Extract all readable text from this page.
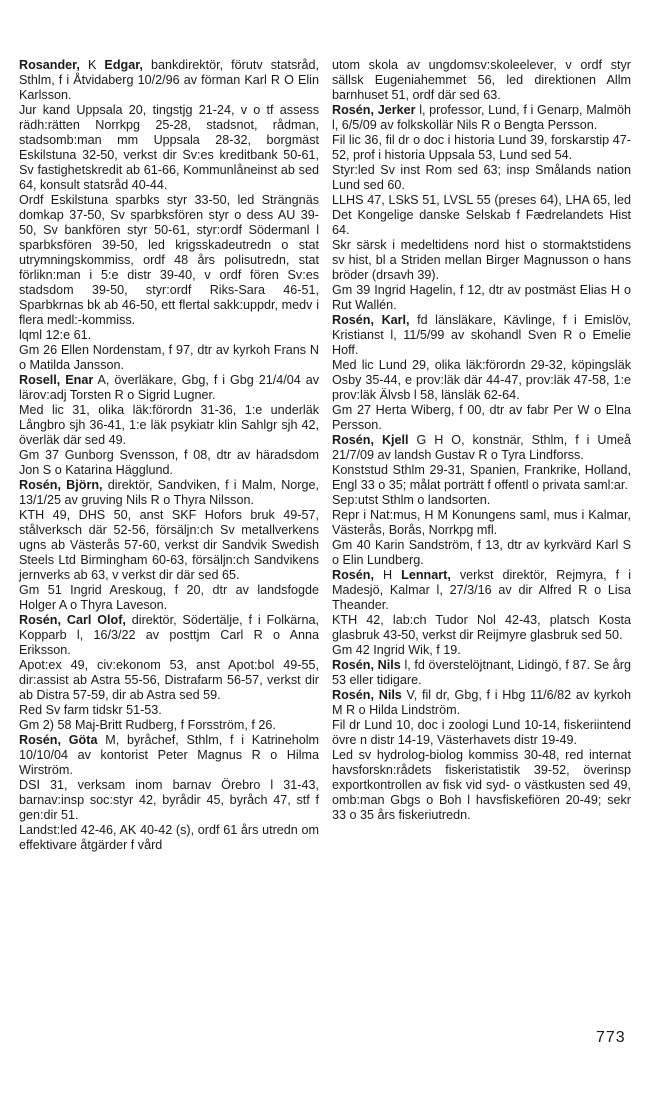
Rosander, K Edgar, bankdirektör, förutv statsråd, Sthlm, f i Åtvidaberg 10/2/96 av förman Karl R O Elin Karlsson.

Jur kand Uppsala 20, tingstjg 21-24, v o tf assess rädh:rätten Norrkpg 25-28, stadsnot, rådman, stadsomb:man mm Uppsala 28-32, borgmäst Eskilstuna 32-50, verkst dir Sv:es kreditbank 50-61, Sv fastighetskredit ab 61-66, Kommunlåneinst ab sed 64, konsult statsråd 40-44.

Ordf Eskilstuna sparbks styr 33-50, led Strängnäs domkap 37-50, Sv sparbksfören styr o dess AU 39-50, Sv bankfören styr 50-61, styr:ordf Södermanl l sparbksfören 39-50, led krigsskadeutredn o stat utrymningskommiss, ordf 48 års polisutredn, stat förlikn:man i 5:e distr 39-40, v ordf fören Sv:es stadsdom 39-50, styr:ordf Riks-Sara 46-51, Sparbkrnas bk ab 46-50, ett flertal sakk:uppdr, medv i flera medl:-kommiss.

lqml 12:e 61.

Gm 26 Ellen Nordenstam, f 97, dtr av kyrkoh Frans N o Matilda Jansson.

Rosell, Enar A, överläkare, Gbg, f i Gbg 21/4/04 av lärov:adj Torsten R o Sigrid Lugner.

Med lic 31, olika läk:förordn 31-36, 1:e underläk Långbro sjh 36-41, 1:e läk psykiatr klin Sahlgr sjh 42, överläk där sed 49.

Gm 37 Gunborg Svensson, f 08, dtr av häradsdom Jon S o Katarina Hägglund.

Rosén, Björn, direktör, Sandviken, f i Malm, Norge, 13/1/25 av gruving Nils R o Thyra Nilsson.

KTH 49, DHS 50, anst SKF Hofors bruk 49-57, stålverksch där 52-56, försäljn:ch Sv metallverkens ugns ab Västerås 57-60, verkst dir Sandvik Swedish Steels Ltd Birmingham 60-63, försäljn:ch Sandvikens jernverks ab 63, v verkst dir där sed 65.

Gm 51 Ingrid Areskoug, f 20, dtr av landsfogde Holger A o Thyra Laveson.

Rosén, Carl Olof, direktör, Södertälje, f i Folkärna, Kopparb l, 16/3/22 av posttjm Carl R o Anna Eriksson.

Apot:ex 49, civ:ekonom 53, anst Apot:bol 49-55, dir:assist ab Astra 55-56, Distrafarm 56-57, verkst dir ab Distra 57-59, dir ab Astra sed 59.

Red Sv farm tidskr 51-53.

Gm 2) 58 Maj-Britt Rudberg, f Forsström, f 26.

Rosén, Göta M, byråchef, Sthlm, f i Katrineholm 10/10/04 av kontorist Peter Magnus R o Hilma Wirström.

DSI 31, verksam inom barnav Örebro l 31-43, barnav:insp soc:styr 42, byrådir 45, byråch 47, stf f gen:dir 51.

Landst:led 42-46, AK 40-42 (s), ordf 61 års utredn om effektivare åtgärder f vård

utom skola av ungdomsv:skoleelever, v ordf styr sällsk Eugeniahemmet 56, led direktionen Allm barnhuset 51, ordf där sed 63.

Rosén, Jerker l, professor, Lund, f i Genarp, Malmöh l, 6/5/09 av folkskollär Nils R o Bengta Persson.

Fil lic 36, fil dr o doc i historia Lund 39, forskarstip 47-52, prof i historia Uppsala 53, Lund sed 54.

Styr:led Sv inst Rom sed 63; insp Smålands nation Lund sed 60.

LLHS 47, LSkS 51, LVSL 55 (preses 64), LHA 65, led Det Kongelige danske Selskab f Fædrelandets Hist 64.

Skr särsk i medeltidens nord hist o stormaktstidens sv hist, bl a Striden mellan Birger Magnusson o hans bröder (drsavh 39).

Gm 39 Ingrid Hagelin, f 12, dtr av postmäst Elias H o Rut Wallén.

Rosén, Karl, fd länsläkare, Kävlinge, f i Emislöv, Kristianst l, 11/5/99 av skohandl Sven R o Emelie Hoff.

Med lic Lund 29, olika läk:förordn 29-32, köpingsläk Osby 35-44, e prov:läk där 44-47, prov:läk 47-58, 1:e prov:läk Älvsb l 58, länsläk 62-64.

Gm 27 Herta Wiberg, f 00, dtr av fabr Per W o Elna Persson.

Rosén, Kjell G H O, konstnär, Sthlm, f i Umeå 21/7/09 av landsh Gustav R o Tyra Lindforss.

Konststud Sthlm 29-31, Spanien, Frankrike, Holland, Engl 33 o 35; målat porträtt f offentl o privata saml:ar.

Sep:utst Sthlm o landsorten.

Repr i Nat:mus, H M Konungens saml, mus i Kalmar, Västerås, Borås, Norrkpg mfl.

Gm 40 Karin Sandström, f 13, dtr av kyrkvärd Karl S o Elin Lundberg.

Rosén, H Lennart, verkst direktör, Rejmyra, f i Madesjö, Kalmar l, 27/3/16 av dir Alfred R o Lisa Theander.

KTH 42, lab:ch Tudor Nol 42-43, platsch Kosta glasbruk 43-50, verkst dir Reijmyre glasbruk sed 50.

Gm 42 Ingrid Wik, f 19.

Rosén, Nils l, fd överstelöjtnant, Lidingö, f 87. Se årg 53 eller tidigare.

Rosén, Nils V, fil dr, Gbg, f i Hbg 11/6/82 av kyrkoh M R o Hilda Lindström.

Fil dr Lund 10, doc i zoologi Lund 10-14, fiskeriintend övre n distr 14-19, Västerhavets distr 19-49.

Led sv hydrolog-biolog kommiss 30-48, red internat havsforskn:rådets fiskeristatistik 39-52, överinsp exportkontrollen av fisk vid syd- o västkusten sed 49, omb:man Gbgs o Boh l havsfiskeﬁören 20-49; sekr 33 o 35 års fiskeriutredn.

773
